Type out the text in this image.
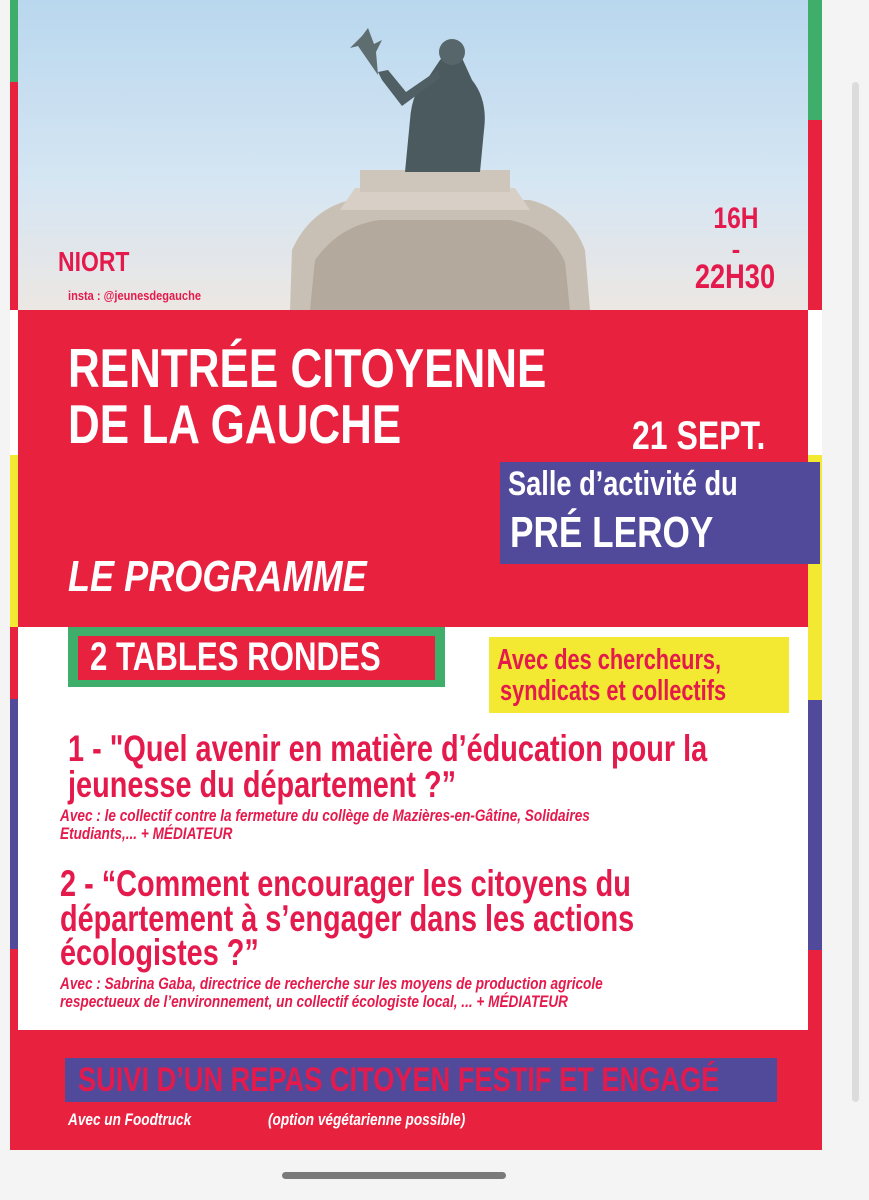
NIORT
insta : @jeunesdegauche
16H
-
22H30
RENTRÉE CITOYENNE
DE LA GAUCHE	21 SEPT.
Salle d’activité du
PRÉ LEROY
LE PROGRAMME
2 TABLES RONDES	Avec des chercheurs,
syndicats et collectifs
1 - "Quel avenir en matière d’éducation pour la
jeunesse du département ?”
Avec : le collectif contre la fermeture du collège de Mazières-en-Gâtine, Solidaires
Etudiants,... + MÉDIATEUR
2 - “Comment encourager les citoyens du
département à s’engager dans les actions
écologistes ?”
Avec : Sabrina Gaba, directrice de recherche sur les moyens de production agricole
respectueux de l’environnement, un collectif écologiste local, ... + MÉDIATEUR
SUIVI D’UN REPAS CITOYEN FESTIF ET ENGAGÉ
Avec un Foodtruck	(option végétarienne possible)
